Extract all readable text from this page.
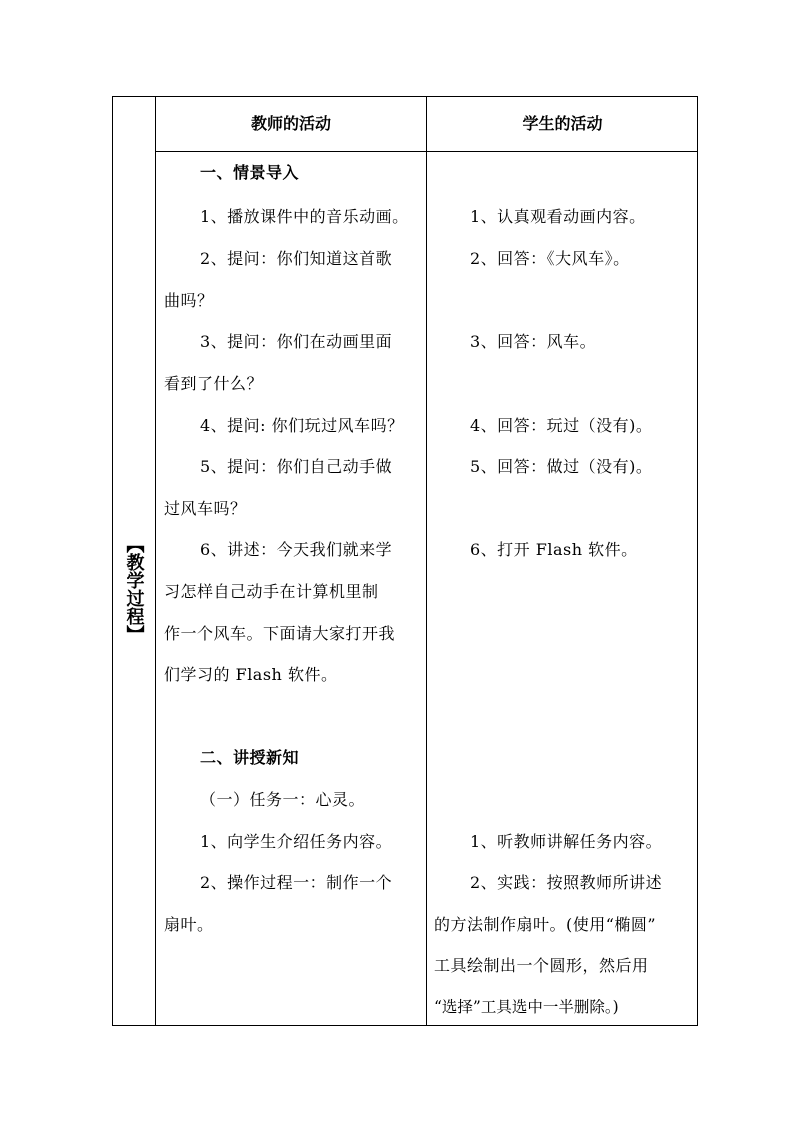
【教学过程】
教师的活动	学生的活动
一、情景导入
1、播放课件中的音乐动画。
2、提问：你们知道这首歌
曲吗？
3、提问：你们在动画里面
看到了什么？
4、提问: 你们玩过风车吗？
5、提问：你们自己动手做
过风车吗？
6、讲述：今天我们就来学
习怎样自己动手在计算机里制
作一个风车。下面请大家打开我
们学习的 Flash 软件。
二、讲授新知
（一）任务一：心灵。
1、向学生介绍任务内容。
2、操作过程一：制作一个
扇叶。
1、认真观看动画内容。
2、回答：《大风车》。
3、回答：风车。
4、回答：玩过（没有)。
5、回答：做过（没有)。
6、打开 Flash 软件。
1、听教师讲解任务内容。
2、实践：按照教师所讲述
的方法制作扇叶。(使用“椭圆”
工具绘制出一个圆形，然后用
“选择”工具选中一半删除。)
